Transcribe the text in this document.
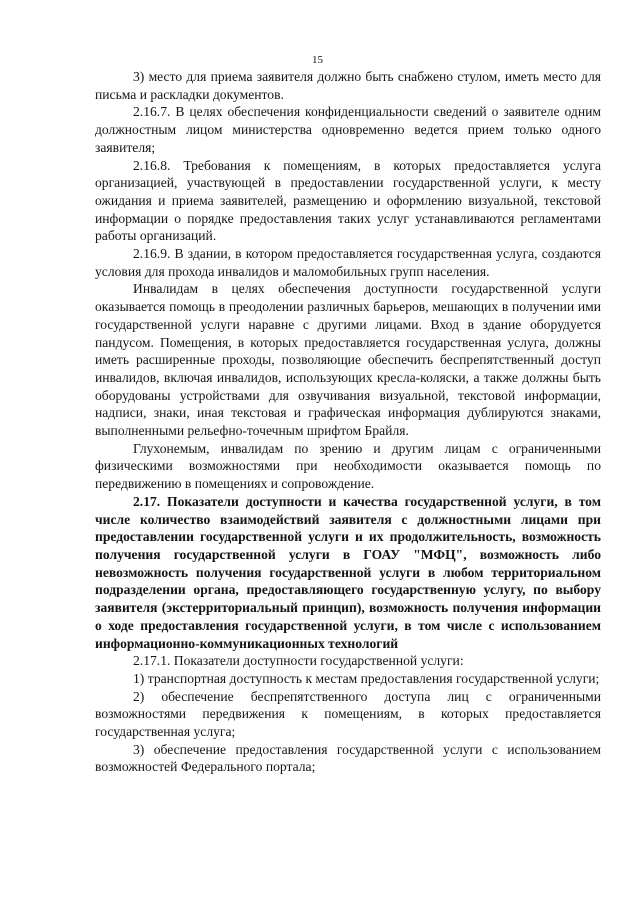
15

3) место для приема заявителя должно быть снабжено стулом, иметь место для письма и раскладки документов.

2.16.7. В целях обеспечения конфиденциальности сведений о заявителе одним должностным лицом министерства одновременно ведется прием только одного заявителя;

2.16.8. Требования к помещениям, в которых предоставляется услуга организацией, участвующей в предоставлении государственной услуги, к месту ожидания и приема заявителей, размещению и оформлению визуальной, текстовой информации о порядке предоставления таких услуг устанавливаются регламентами работы организаций.

2.16.9. В здании, в котором предоставляется государственная услуга, создаются условия для прохода инвалидов и маломобильных групп населения.

Инвалидам в целях обеспечения доступности государственной услуги оказывается помощь в преодолении различных барьеров, мешающих в получении ими государственной услуги наравне с другими лицами. Вход в здание оборудуется пандусом. Помещения, в которых предоставляется государственная услуга, должны иметь расширенные проходы, позволяющие обеспечить беспрепятственный доступ инвалидов, включая инвалидов, использующих кресла-коляски, а также должны быть оборудованы устройствами для озвучивания визуальной, текстовой информации, надписи, знаки, иная текстовая и графическая информация дублируются знаками, выполненными рельефно-точечным шрифтом Брайля.

Глухонемым, инвалидам по зрению и другим лицам с ограниченными физическими возможностями при необходимости оказывается помощь по передвижению в помещениях и сопровождение.

2.17. Показатели доступности и качества государственной услуги, в том числе количество взаимодействий заявителя с должностными лицами при предоставлении государственной услуги и их продолжительность, возможность получения государственной услуги в ГОАУ "МФЦ", возможность либо невозможность получения государственной услуги в любом территориальном подразделении органа, предоставляющего государственную услугу, по выбору заявителя (экстерриториальный принцип), возможность получения информации о ходе предоставления государственной услуги, в том числе с использованием информационно-коммуникационных технологий

2.17.1. Показатели доступности государственной услуги:

1) транспортная доступность к местам предоставления государственной услуги;

2) обеспечение беспрепятственного доступа лиц с ограниченными возможностями передвижения к помещениям, в которых предоставляется государственная услуга;

3) обеспечение предоставления государственной услуги с использованием возможностей Федерального портала;
